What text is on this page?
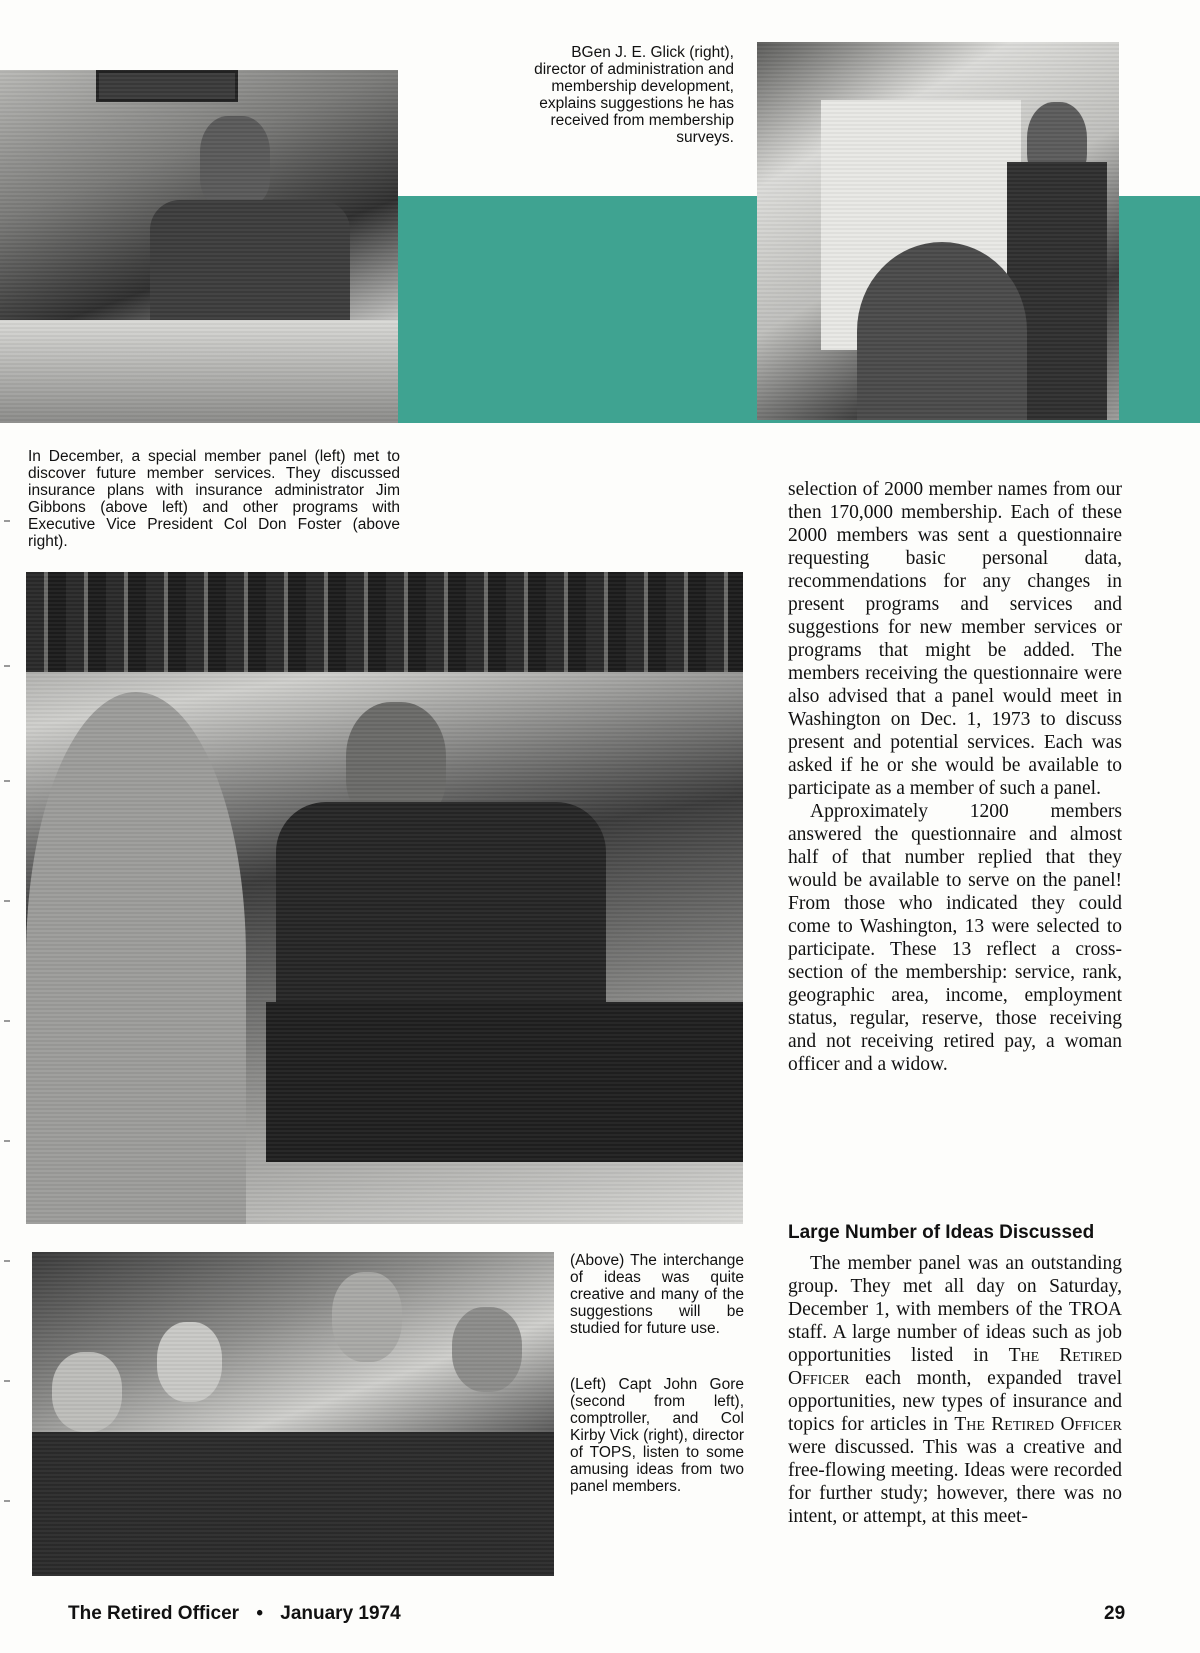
BGen J. E. Glick (right), director of administration and membership development, explains suggestions he has received from membership surveys.
In December, a special member panel (left) met to discover future member services. They discussed insurance plans with insurance administrator Jim Gibbons (above left) and other programs with Executive Vice President Col Don Foster (above right).
(Above) The interchange of ideas was quite creative and many of the suggestions will be studied for future use.
(Left) Capt John Gore (second from left), comptroller, and Col Kirby Vick (right), director of TOPS, listen to some amusing ideas from two panel members.

selection of 2000 member names from our then 170,000 membership. Each of these 2000 members was sent a questionnaire requesting basic personal data, recommendations for any changes in present programs and services and suggestions for new member services or programs that might be added. The members receiving the questionnaire were also advised that a panel would meet in Washington on Dec. 1, 1973 to discuss present and potential services. Each was asked if he or she would be available to participate as a member of such a panel.

Approximately 1200 members answered the questionnaire and almost half of that number replied that they would be available to serve on the panel! From those who indicated they could come to Washington, 13 were selected to participate. These 13 reflect a cross-section of the membership: service, rank, geographic area, income, employment status, regular, reserve, those receiving and not receiving retired pay, a woman officer and a widow.

Large Number of Ideas Discussed

The member panel was an outstanding group. They met all day on Saturday, December 1, with members of the TROA staff. A large number of ideas such as job opportunities listed in The Retired Officer each month, expanded travel opportunities, new types of insurance and topics for articles in The Retired Officer were discussed. This was a creative and free-flowing meeting. Ideas were recorded for further study; however, there was no intent, or attempt, at this meet-

The Retired Officer • January 1974	29
